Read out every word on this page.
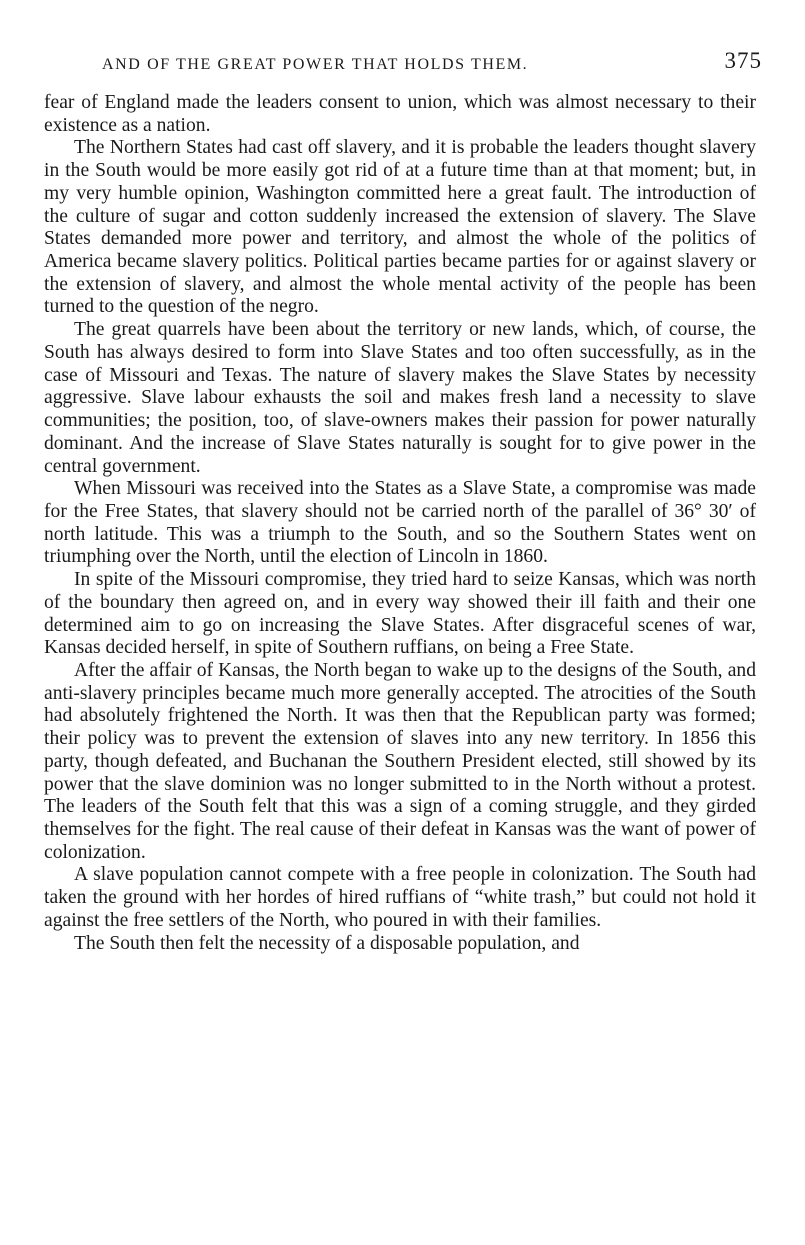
AND OF THE GREAT POWER THAT HOLDS THEM.	375

fear of England made the leaders consent to union, which was almost necessary to their existence as a nation.

The Northern States had cast off slavery, and it is probable the leaders thought slavery in the South would be more easily got rid of at a future time than at that moment; but, in my very humble opinion, Washington committed here a great fault. The introduction of the culture of sugar and cotton suddenly increased the extension of slavery. The Slave States demanded more power and territory, and almost the whole of the politics of America became slavery politics. Political parties became parties for or against slavery or the extension of slavery, and almost the whole mental activity of the people has been turned to the question of the negro.

The great quarrels have been about the territory or new lands, which, of course, the South has always desired to form into Slave States and too often successfully, as in the case of Missouri and Texas. The nature of slavery makes the Slave States by necessity aggressive. Slave labour exhausts the soil and makes fresh land a necessity to slave communities; the position, too, of slave-owners makes their passion for power naturally dominant. And the increase of Slave States naturally is sought for to give power in the central government.

When Missouri was received into the States as a Slave State, a compromise was made for the Free States, that slavery should not be carried north of the parallel of 36° 30′ of north latitude. This was a triumph to the South, and so the Southern States went on triumphing over the North, until the election of Lincoln in 1860.

In spite of the Missouri compromise, they tried hard to seize Kansas, which was north of the boundary then agreed on, and in every way showed their ill faith and their one determined aim to go on increasing the Slave States. After disgraceful scenes of war, Kansas decided herself, in spite of Southern ruffians, on being a Free State.

After the affair of Kansas, the North began to wake up to the designs of the South, and anti-slavery principles became much more generally accepted. The atrocities of the South had absolutely frightened the North. It was then that the Republican party was formed; their policy was to prevent the extension of slaves into any new territory. In 1856 this party, though defeated, and Buchanan the Southern President elected, still showed by its power that the slave dominion was no longer submitted to in the North without a protest. The leaders of the South felt that this was a sign of a coming struggle, and they girded themselves for the fight. The real cause of their defeat in Kansas was the want of power of colonization.

A slave population cannot compete with a free people in colonization. The South had taken the ground with her hordes of hired ruffians of “white trash,” but could not hold it against the free settlers of the North, who poured in with their families.

The South then felt the necessity of a disposable population, and
